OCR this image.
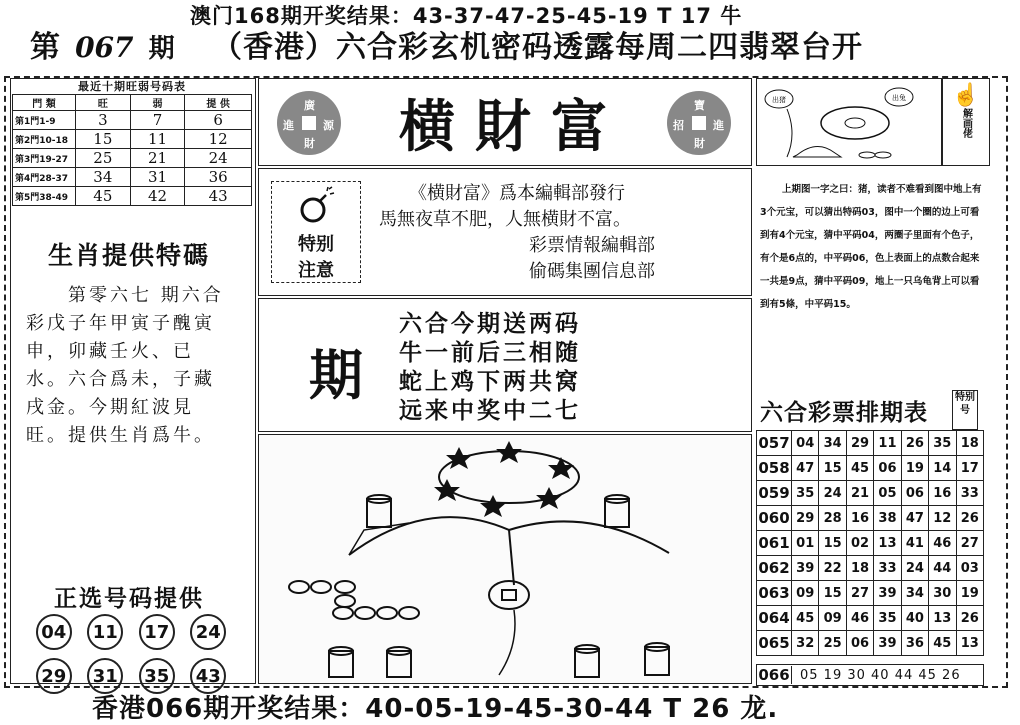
澳门168期开奖结果：43-37-47-25-45-19 T 17 牛
第 067 期	（香港）六合彩玄机密码透露每周二四翡翠台开
最近十期旺弱号码表
門 類	旺	弱	提 供
第1門1-9	3	7	6
第2門10-18	15	11	12
第3門19-27	25	21	24
第4門28-37	34	31	36
第5門38-49	45	42	43
生肖提供特碼
第零六七 期六合彩戊子年甲寅子醜寅申，卯藏壬火、已水。六合爲未，子藏戌金。今期紅波見旺。提供生肖爲牛。
正选号码提供
04	11	17	24
29	31	35	43
廣
進	源
財	横財富	寶
招	進
財
特别
注意
《横財富》爲本編輯部發行
馬無夜草不肥，人無横財不富。
彩票情報編輯部
偷碼集團信息部
期
六合今期送两码
牛一前后三相随
蛇上鸡下两共窝
远来中奖中二七
出猪	出兔	☝
解画佬
上期图一字之曰：猪，读者不难看到图中地上有3个元宝，可以猜出特码03，图中一个圈的边上可看到有4个元宝，猜中平码04，两圈子里面有个色子，有个是6点的，中平码06，色上表面上的点数合起来一共是9点，猜中平码09，地上一只乌龟背上可以看到有5條，中平码15。
六合彩票排期表
特别号
057	04	34	29	11	26	35	18
058	47	15	45	06	19	14	17
059	35	24	21	05	06	16	33
060	29	28	16	38	47	12	26
061	01	15	02	13	41	46	27
062	39	22	18	33	24	44	03
063	09	15	27	39	34	30	19
064	45	09	46	35	40	13	26
065	32	25	06	39	36	45	13
066 05 19 30 40 44 45 26
香港066期开奖结果：40-05-19-45-30-44 T 26 龙.
